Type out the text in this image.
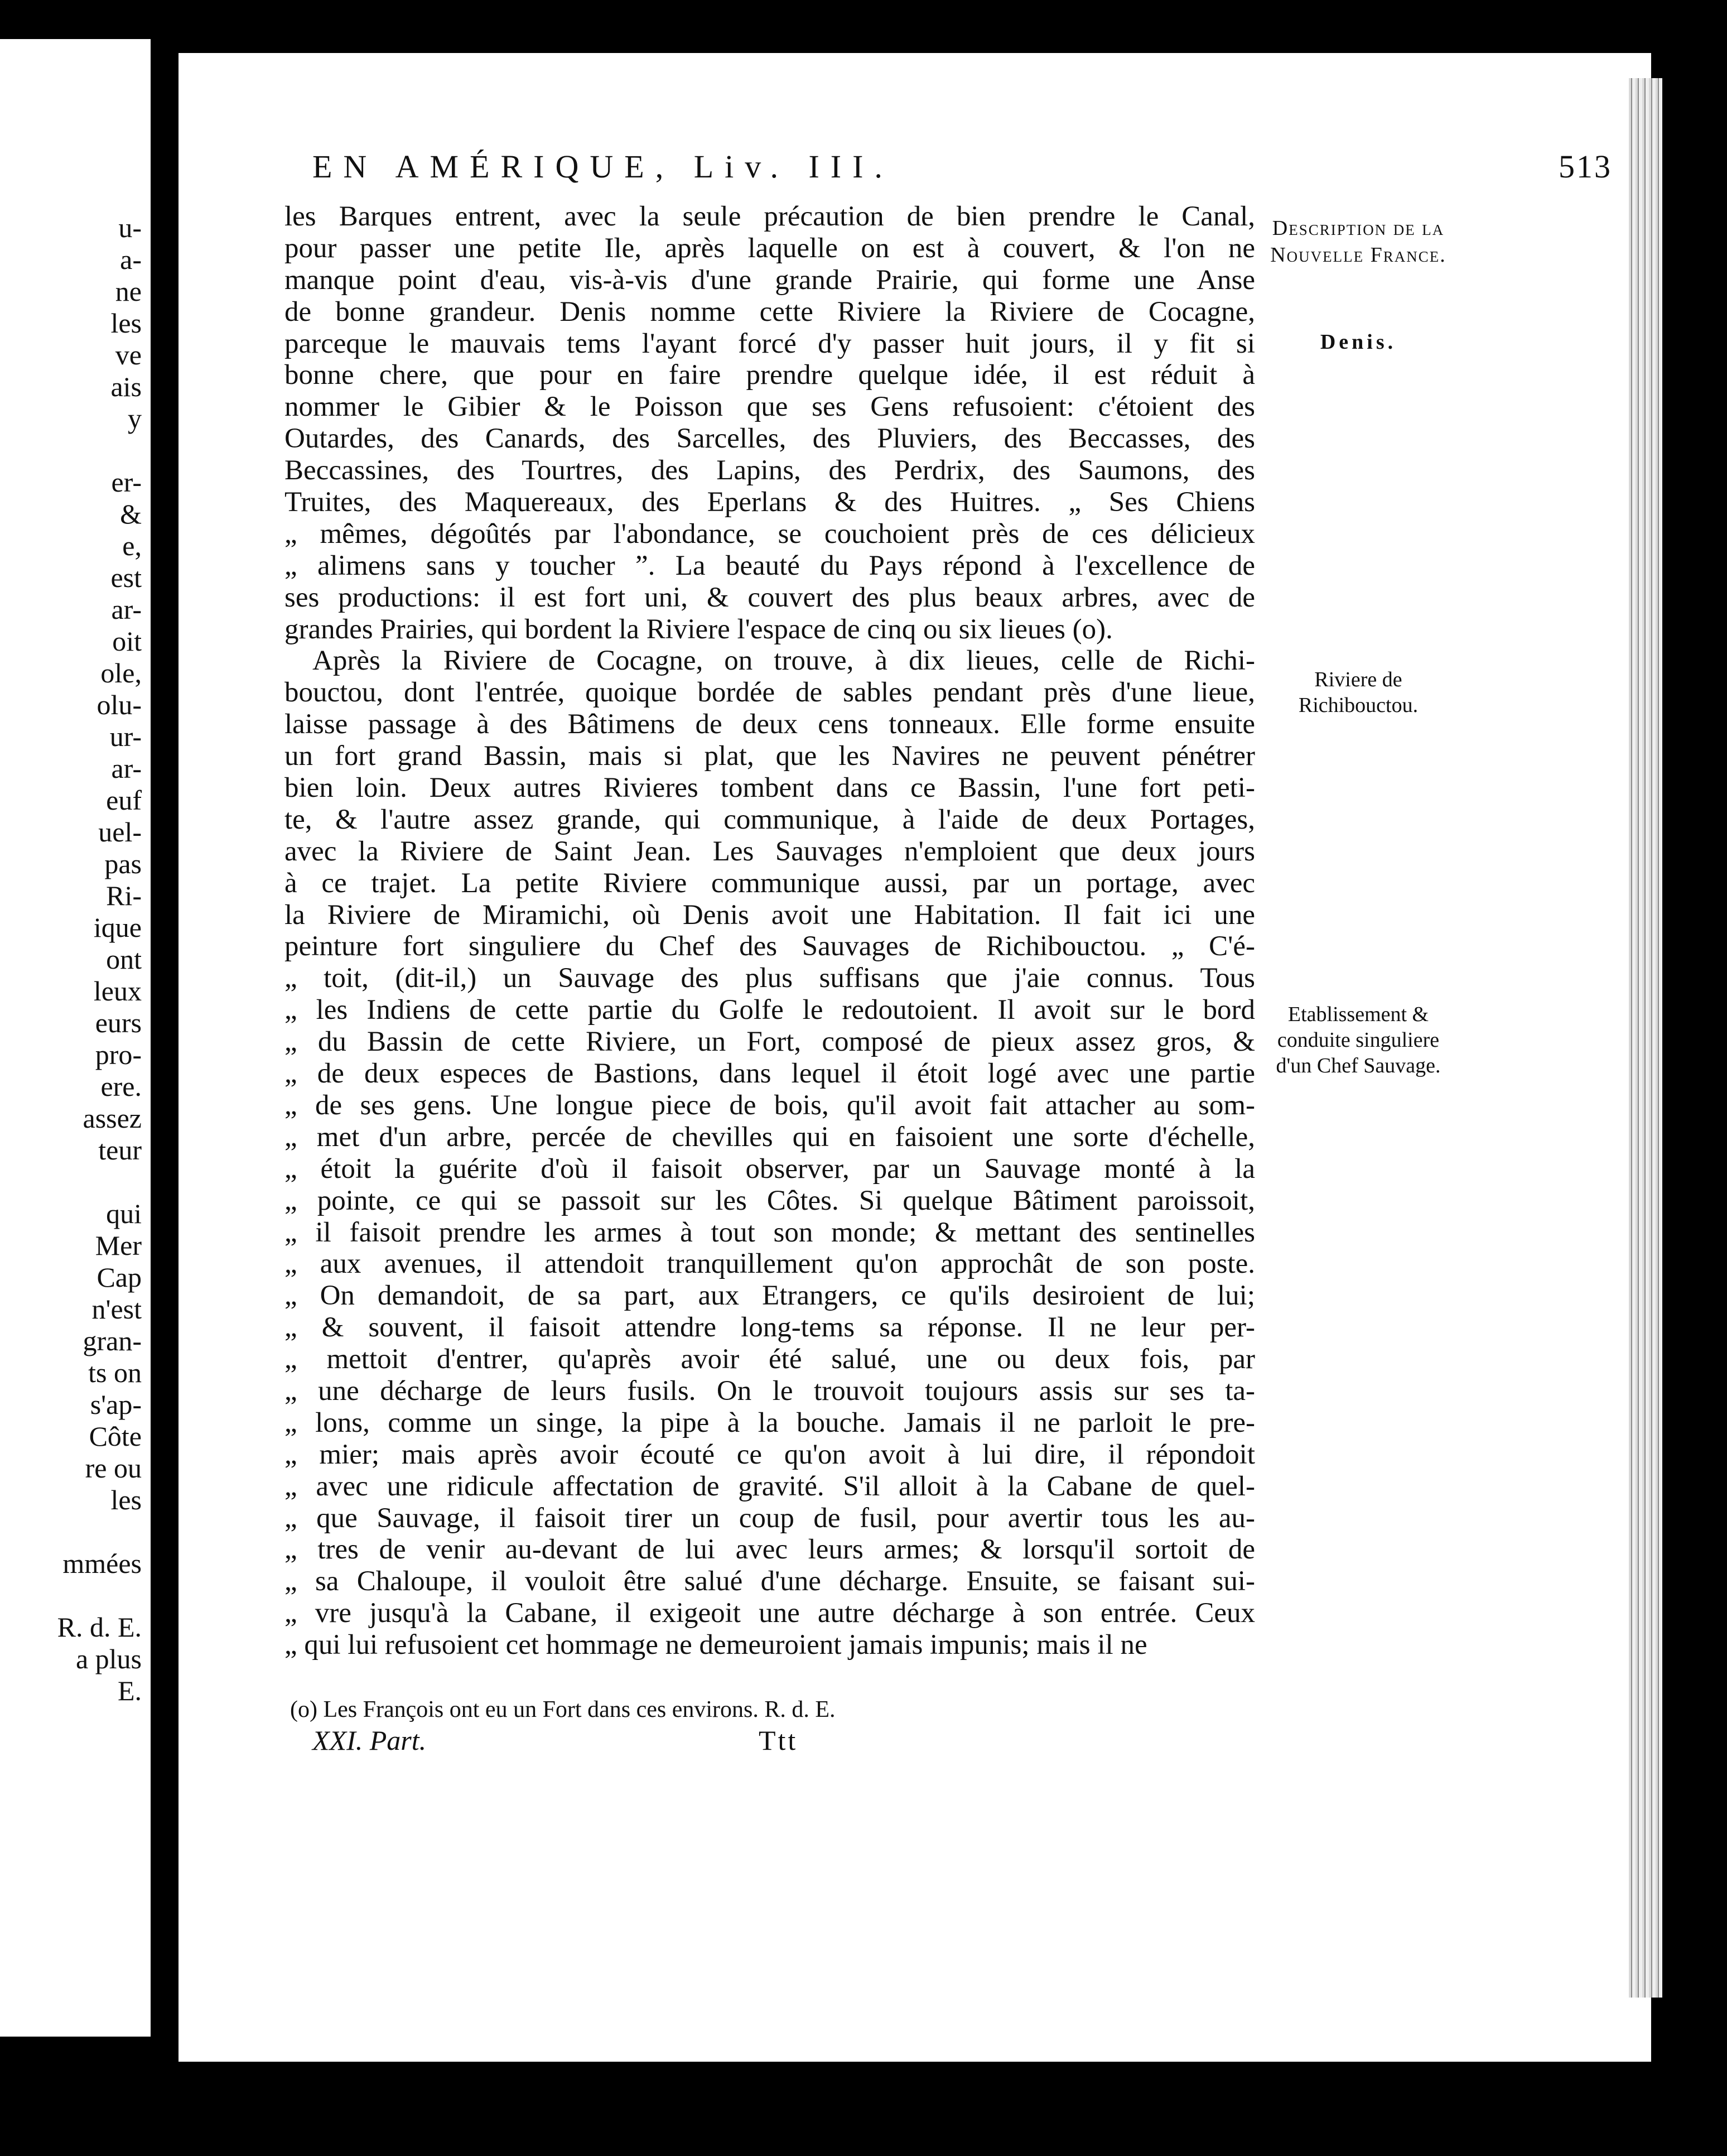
u-
a-
ne
les
ve
ais
y
er-
&
e,
est
ar-
oit
ole,
olu-
ur-
ar-
euf
uel-
pas
Ri-
ique
ont
leux
eurs
pro-
ere.
assez
teur
qui
Mer
Cap
n'est
gran-
ts on
s'ap-
Côte
re ou
les
mmées
R. d. E.
a plus
E.
EN AMÉRIQUE, Liv. III.	513
les Barques entrent, avec la seule précaution de bien prendre le Canal,
pour passer une petite Ile, après laquelle on est à couvert, & l'on ne
manque point d'eau, vis-à-vis d'une grande Prairie, qui forme une Anse
de bonne grandeur. Denis nomme cette Riviere la Riviere de Cocagne,
parceque le mauvais tems l'ayant forcé d'y passer huit jours, il y fit si
bonne chere, que pour en faire prendre quelque idée, il est réduit à
nommer le Gibier & le Poisson que ses Gens refusoient: c'étoient des
Outardes, des Canards, des Sarcelles, des Pluviers, des Beccasses, des
Beccassines, des Tourtres, des Lapins, des Perdrix, des Saumons, des
Truites, des Maquereaux, des Eperlans & des Huitres. „ Ses Chiens
„ mêmes, dégoûtés par l'abondance, se couchoient près de ces délicieux
„ alimens sans y toucher ”. La beauté du Pays répond à l'excellence de
ses productions: il est fort uni, & couvert des plus beaux arbres, avec de
grandes Prairies, qui bordent la Riviere l'espace de cinq ou six lieues (o).
Après la Riviere de Cocagne, on trouve, à dix lieues, celle de Richi-
bouctou, dont l'entrée, quoique bordée de sables pendant près d'une lieue,
laisse passage à des Bâtimens de deux cens tonneaux. Elle forme ensuite
un fort grand Bassin, mais si plat, que les Navires ne peuvent pénétrer
bien loin. Deux autres Rivieres tombent dans ce Bassin, l'une fort peti-
te, & l'autre assez grande, qui communique, à l'aide de deux Portages,
avec la Riviere de Saint Jean. Les Sauvages n'emploient que deux jours
à ce trajet. La petite Riviere communique aussi, par un portage, avec
la Riviere de Miramichi, où Denis avoit une Habitation. Il fait ici une
peinture fort singuliere du Chef des Sauvages de Richibouctou. „ C'é-
„ toit, (dit-il,) un Sauvage des plus suffisans que j'aie connus. Tous
„ les Indiens de cette partie du Golfe le redoutoient. Il avoit sur le bord
„ du Bassin de cette Riviere, un Fort, composé de pieux assez gros, &
„ de deux especes de Bastions, dans lequel il étoit logé avec une partie
„ de ses gens. Une longue piece de bois, qu'il avoit fait attacher au som-
„ met d'un arbre, percée de chevilles qui en faisoient une sorte d'échelle,
„ étoit la guérite d'où il faisoit observer, par un Sauvage monté à la
„ pointe, ce qui se passoit sur les Côtes. Si quelque Bâtiment paroissoit,
„ il faisoit prendre les armes à tout son monde; & mettant des sentinelles
„ aux avenues, il attendoit tranquillement qu'on approchât de son poste.
„ On demandoit, de sa part, aux Etrangers, ce qu'ils desiroient de lui;
„ & souvent, il faisoit attendre long-tems sa réponse. Il ne leur per-
„ mettoit d'entrer, qu'après avoir été salué, une ou deux fois, par
„ une décharge de leurs fusils. On le trouvoit toujours assis sur ses ta-
„ lons, comme un singe, la pipe à la bouche. Jamais il ne parloit le pre-
„ mier; mais après avoir écouté ce qu'on avoit à lui dire, il répondoit
„ avec une ridicule affectation de gravité. S'il alloit à la Cabane de quel-
„ que Sauvage, il faisoit tirer un coup de fusil, pour avertir tous les au-
„ tres de venir au-devant de lui avec leurs armes; & lorsqu'il sortoit de
„ sa Chaloupe, il vouloit être salué d'une décharge. Ensuite, se faisant sui-
„ vre jusqu'à la Cabane, il exigeoit une autre décharge à son entrée. Ceux
„ qui lui refusoient cet hommage ne demeuroient jamais impunis; mais il ne
(o) Les François ont eu un Fort dans ces environs. R. d. E.
XXI. Part.	Ttt
Description de la Nouvelle France.
Denis.
Riviere de Richibouctou.
Etablissement & conduite singuliere d'un Chef Sauvage.
